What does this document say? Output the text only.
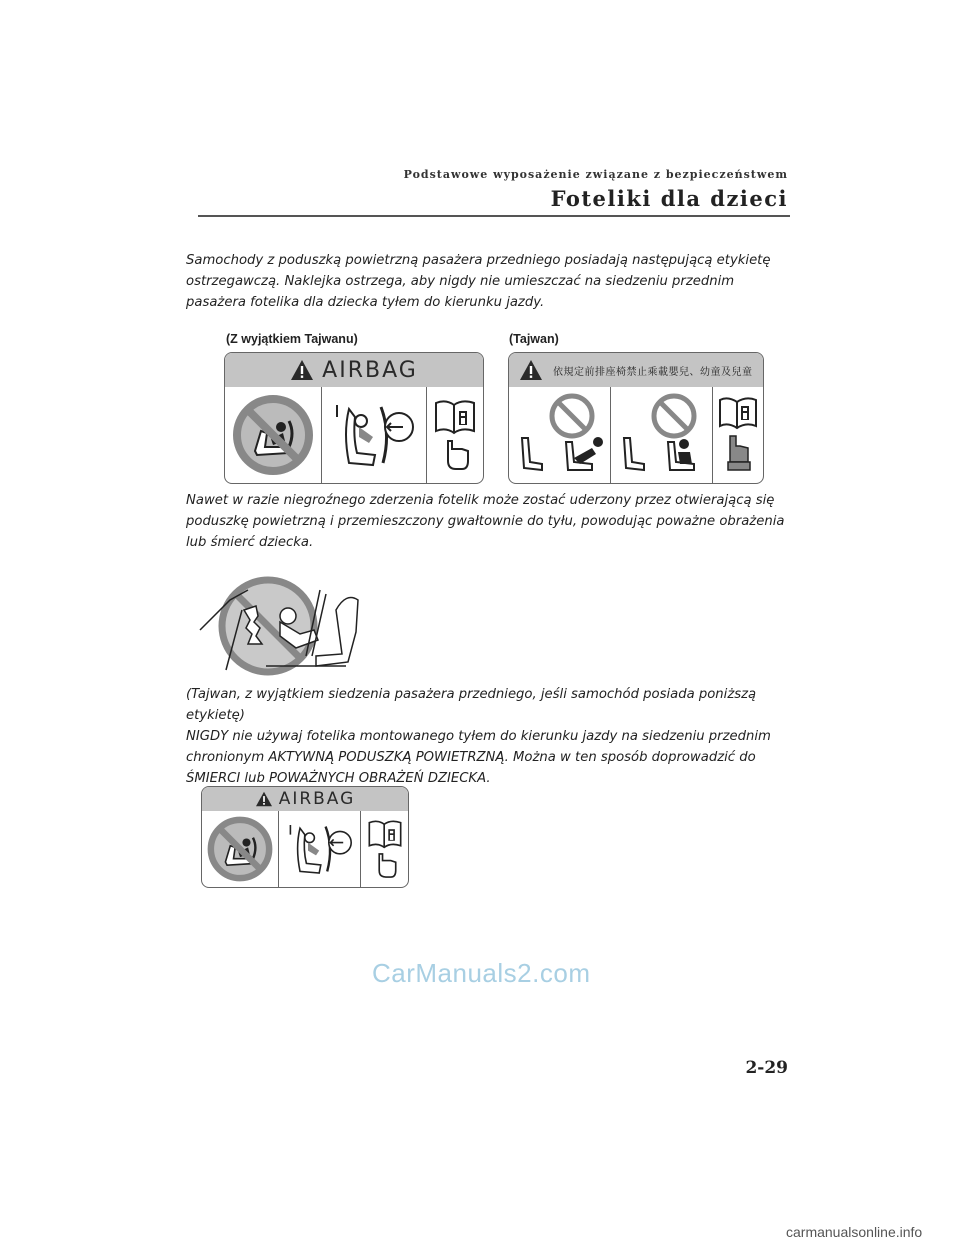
Podstawowe wyposażenie związane z bezpieczeństwem
Foteliki dla dzieci
Samochody z poduszką powietrzną pasażera przedniego posiadają następującą etykietę ostrzegawczą. Naklejka ostrzega, aby nigdy nie umieszczać na siedzeniu przednim pasażera fotelika dla dziecka tyłem do kierunku jazdy.
(Z wyjątkiem Tajwanu)	(Tajwan)
AIRBAG	依規定前排座椅禁止乘載嬰兒、幼童及兒童
Nawet w razie niegroźnego zderzenia fotelik może zostać uderzony przez otwierającą się poduszkę powietrzną i przemieszczony gwałtownie do tyłu, powodując poważne obrażenia lub śmierć dziecka.
(Tajwan, z wyjątkiem siedzenia pasażera przedniego, jeśli samochód posiada poniższą etykietę)
NIGDY nie używaj fotelika montowanego tyłem do kierunku jazdy na siedzeniu przednim chronionym AKTYWNĄ PODUSZKĄ POWIETRZNĄ. Można w ten sposób doprowadzić do ŚMIERCI lub POWAŻNYCH OBRAŻEŃ DZIECKA.
AIRBAG
CarManuals2.com
2-29
carmanualsonline.info
